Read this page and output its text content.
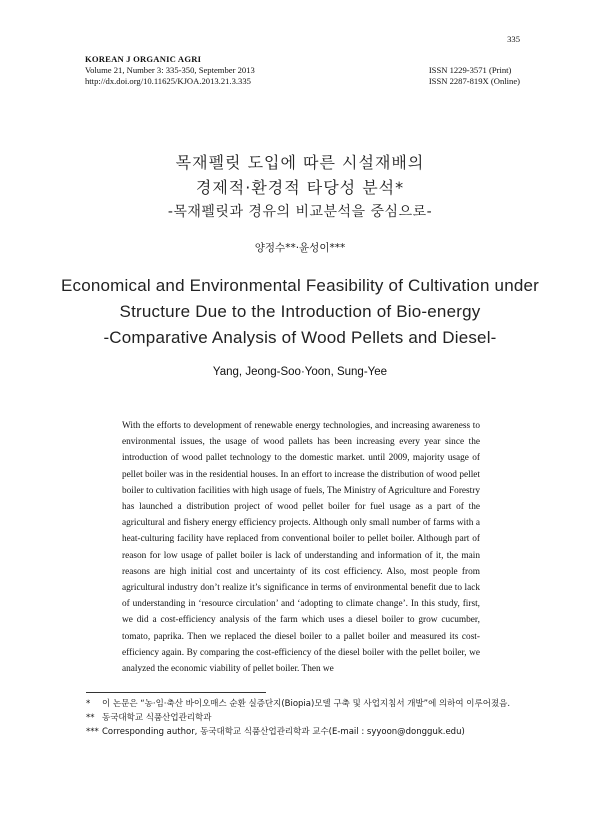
335
KOREAN J ORGANIC AGRI
Volume 21, Number 3: 335-350, September 2013
http://dx.doi.org/10.11625/KJOA.2013.21.3.335
ISSN 1229-3571 (Print)
ISSN 2287-819X (Online)
목재펠릿 도입에 따른 시설재배의
경제적·환경적 타당성 분석*
-목재펠릿과 경유의 비교분석을 중심으로-
양정수**·윤성이***
Economical and Environmental Feasibility of Cultivation under
Structure Due to the Introduction of Bio-energy
-Comparative Analysis of Wood Pellets and Diesel-
Yang, Jeong-Soo·Yoon, Sung-Yee

With the efforts to development of renewable energy technologies, and increasing awareness to environmental issues, the usage of wood pallets has been increasing every year since the introduction of wood pallet technology to the domestic market. until 2009, majority usage of pellet boiler was in the residential houses. In an effort to increase the distribution of wood pellet boiler to cultivation facilities with high usage of fuels, The Ministry of Agriculture and Forestry has launched a distribution project of wood pellet boiler for fuel usage as a part of the agricultural and fishery energy efficiency projects. Although only small number of farms with a heat-culturing facility have replaced from conventional boiler to pellet boiler. Although part of reason for low usage of pallet boiler is lack of understanding and information of it, the main reasons are high initial cost and uncertainty of its cost efficiency. Also, most people from agricultural industry don’t realize it’s significance in terms of environmental benefit due to lack of understanding in ‘resource circulation’ and ‘adopting to climate change’. In this study, first, we did a cost-efficiency analysis of the farm which uses a diesel boiler to grow cucumber, tomato, paprika. Then we replaced the diesel boiler to a pallet boiler and measured its cost-efficiency again. By comparing the cost-efficiency of the diesel boiler with the pellet boiler, we analyzed the economic viability of pellet boiler. Then we

* 이 논문은 “농·임·축산 바이오매스 순환 실증단지(Biopia)모델 구축 및 사업지침서 개발”에 의하여 이루어졌음.
** 동국대학교 식품산업관리학과
*** Corresponding author, 동국대학교 식품산업관리학과 교수(E-mail : syyoon@dongguk.edu)
